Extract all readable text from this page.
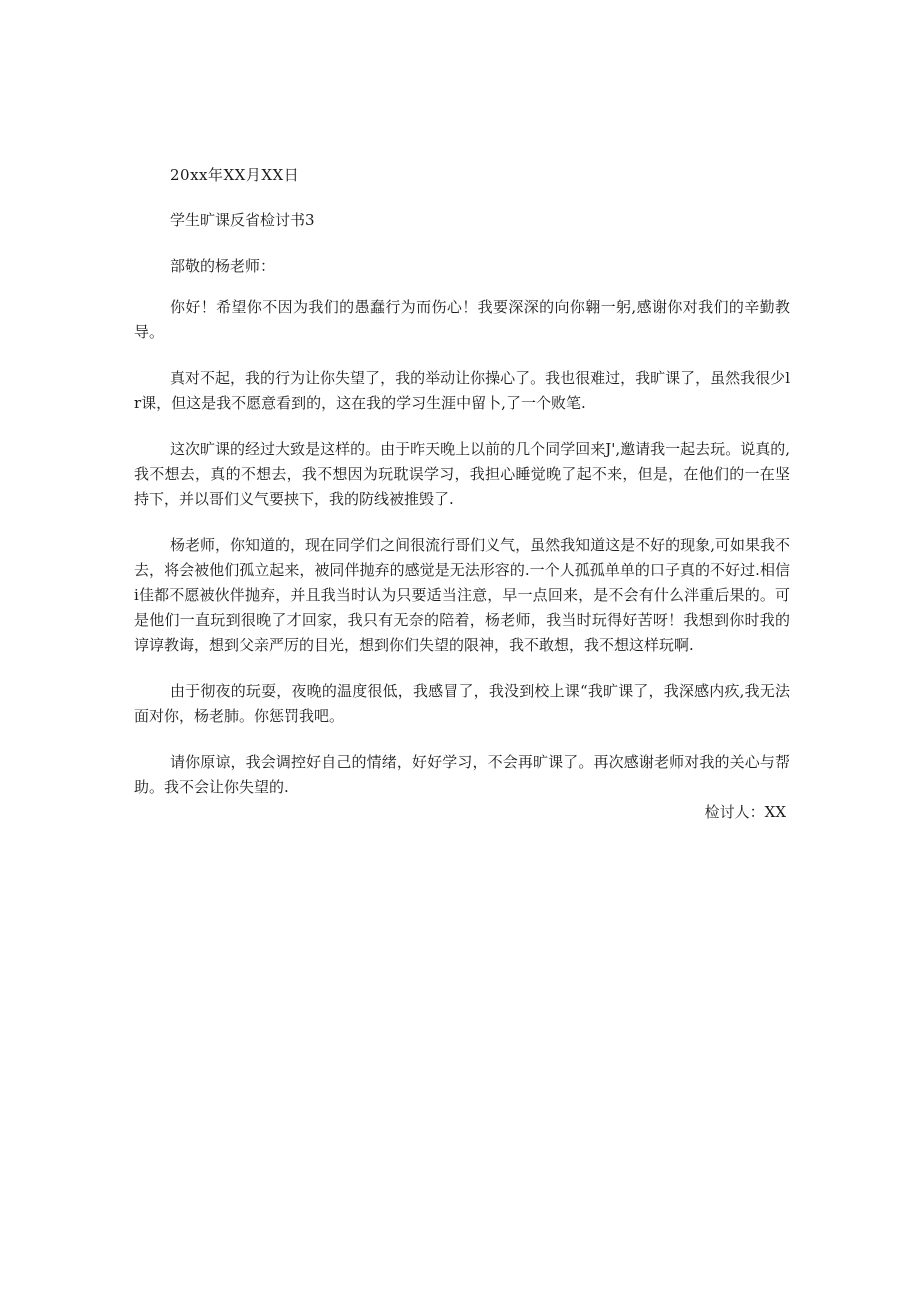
20xx年XX月XX日
学生旷课反省检讨书3
部敬的杨老师：

你好！希望你不因为我们的愚蠢行为而伤心！我要深深的向你翱一躬,感谢你对我们的辛勤教导。

真对不起，我的行为让你失望了，我的举动让你操心了。我也很难过，我旷课了，虽然我很少lr课，但这是我不愿意看到的，这在我的学习生涯中留卜,了一个败笔.

这次旷课的经过大致是这样的。由于昨天晚上以前的几个同学回来J',邀请我一起去玩。说真的,我不想去，真的不想去，我不想因为玩耽误学习，我担心睡觉晚了起不来，但是，在他们的一在坚持下，并以哥们义气要挟下，我的防线被推毁了.

杨老师，你知道的，现在同学们之间很流行哥们义气，虽然我知道这是不好的现象,可如果我不去，将会被他们孤立起来，被同伴抛弃的感觉是无法形容的.一个人孤孤单单的口子真的不好过.相信i佳都不愿被伙伴抛弃，并且我当时认为只要适当注意，早一点回来，是不会有什么泮重后果的。可是他们一直玩到很晚了才回家，我只有无奈的陪着，杨老师，我当时玩得好苦呀！我想到你时我的谆谆教诲，想到父亲严厉的目光，想到你们失望的限神，我不敢想，我不想这样玩啊.

由于彻夜的玩耍，夜晚的温度很低，我感冒了，我没到校上课“我旷课了，我深感内疚,我无法面对你，杨老肺。你惩罚我吧。

请你原谅，我会调控好自己的情绪，好好学习，不会再旷课了。再次感谢老师对我的关心与帮助。我不会让你失望的.

检讨人：XX
